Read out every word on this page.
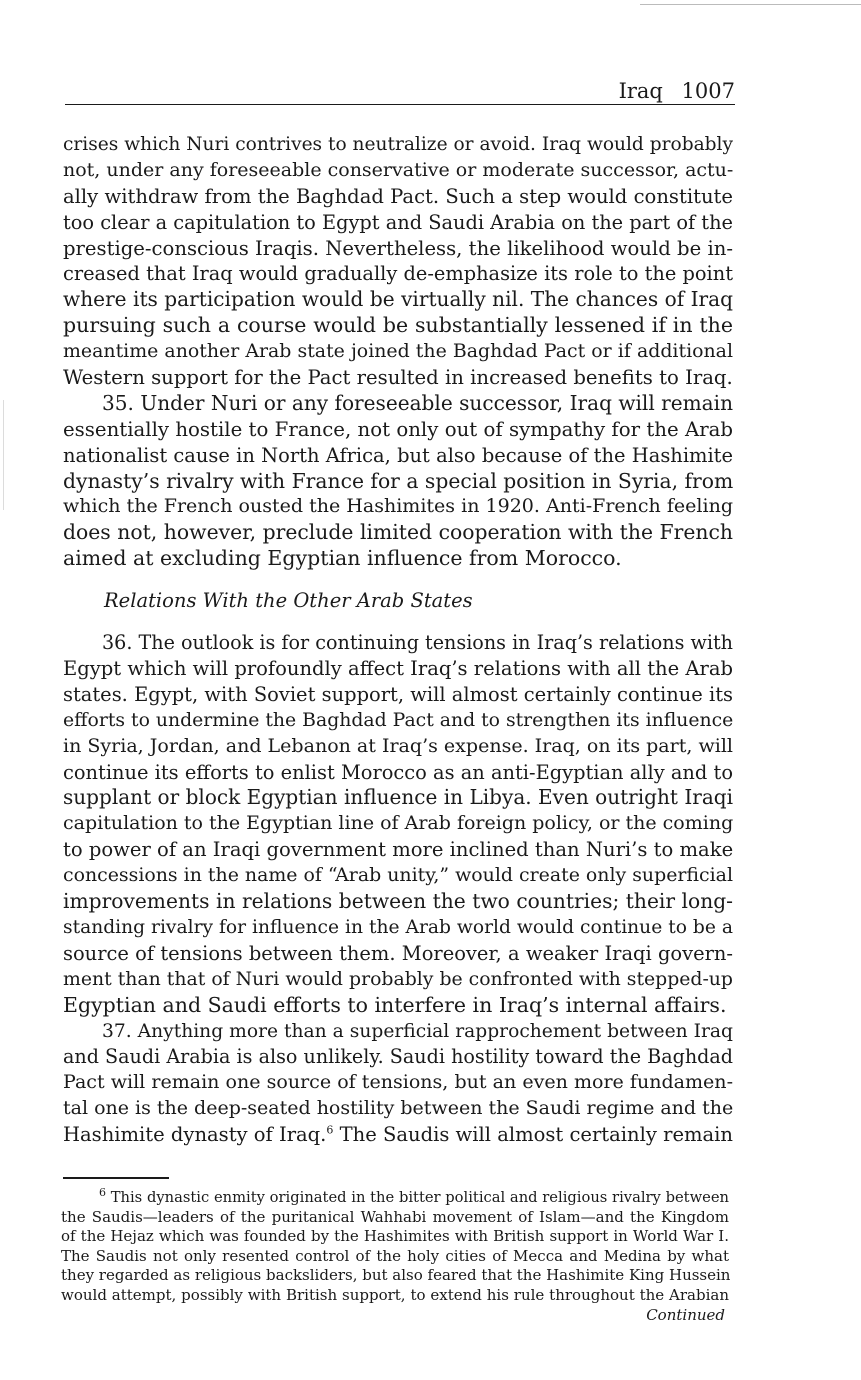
Iraq 1007
crises which Nuri contrives to neutralize or avoid. Iraq would probably
not, under any foreseeable conservative or moderate successor, actu-
ally withdraw from the Baghdad Pact. Such a step would constitute
too clear a capitulation to Egypt and Saudi Arabia on the part of the
prestige-conscious Iraqis. Nevertheless, the likelihood would be in-
creased that Iraq would gradually de-emphasize its role to the point
where its participation would be virtually nil. The chances of Iraq
pursuing such a course would be substantially lessened if in the
meantime another Arab state joined the Baghdad Pact or if additional
Western support for the Pact resulted in increased benefits to Iraq.
35. Under Nuri or any foreseeable successor, Iraq will remain
essentially hostile to France, not only out of sympathy for the Arab
nationalist cause in North Africa, but also because of the Hashimite
dynasty’s rivalry with France for a special position in Syria, from
which the French ousted the Hashimites in 1920. Anti-French feeling
does not, however, preclude limited cooperation with the French
aimed at excluding Egyptian influence from Morocco.
Relations With the Other Arab States
36. The outlook is for continuing tensions in Iraq’s relations with
Egypt which will profoundly affect Iraq’s relations with all the Arab
states. Egypt, with Soviet support, will almost certainly continue its
efforts to undermine the Baghdad Pact and to strengthen its influence
in Syria, Jordan, and Lebanon at Iraq’s expense. Iraq, on its part, will
continue its efforts to enlist Morocco as an anti-Egyptian ally and to
supplant or block Egyptian influence in Libya. Even outright Iraqi
capitulation to the Egyptian line of Arab foreign policy, or the coming
to power of an Iraqi government more inclined than Nuri’s to make
concessions in the name of “Arab unity,” would create only superficial
improvements in relations between the two countries; their long-
standing rivalry for influence in the Arab world would continue to be a
source of tensions between them. Moreover, a weaker Iraqi govern-
ment than that of Nuri would probably be confronted with stepped-up
Egyptian and Saudi efforts to interfere in Iraq’s internal affairs.
37. Anything more than a superficial rapprochement between Iraq
and Saudi Arabia is also unlikely. Saudi hostility toward the Baghdad
Pact will remain one source of tensions, but an even more fundamen-
tal one is the deep-seated hostility between the Saudi regime and the
Hashimite dynasty of Iraq.$^6$ The Saudis will almost certainly remain
$^6$ This dynastic enmity originated in the bitter political and religious rivalry between
the Saudis—leaders of the puritanical Wahhabi movement of Islam—and the Kingdom
of the Hejaz which was founded by the Hashimites with British support in World War I.
The Saudis not only resented control of the holy cities of Mecca and Medina by what
they regarded as religious backsliders, but also feared that the Hashimite King Hussein
would attempt, possibly with British support, to extend his rule throughout the Arabian
Continued
